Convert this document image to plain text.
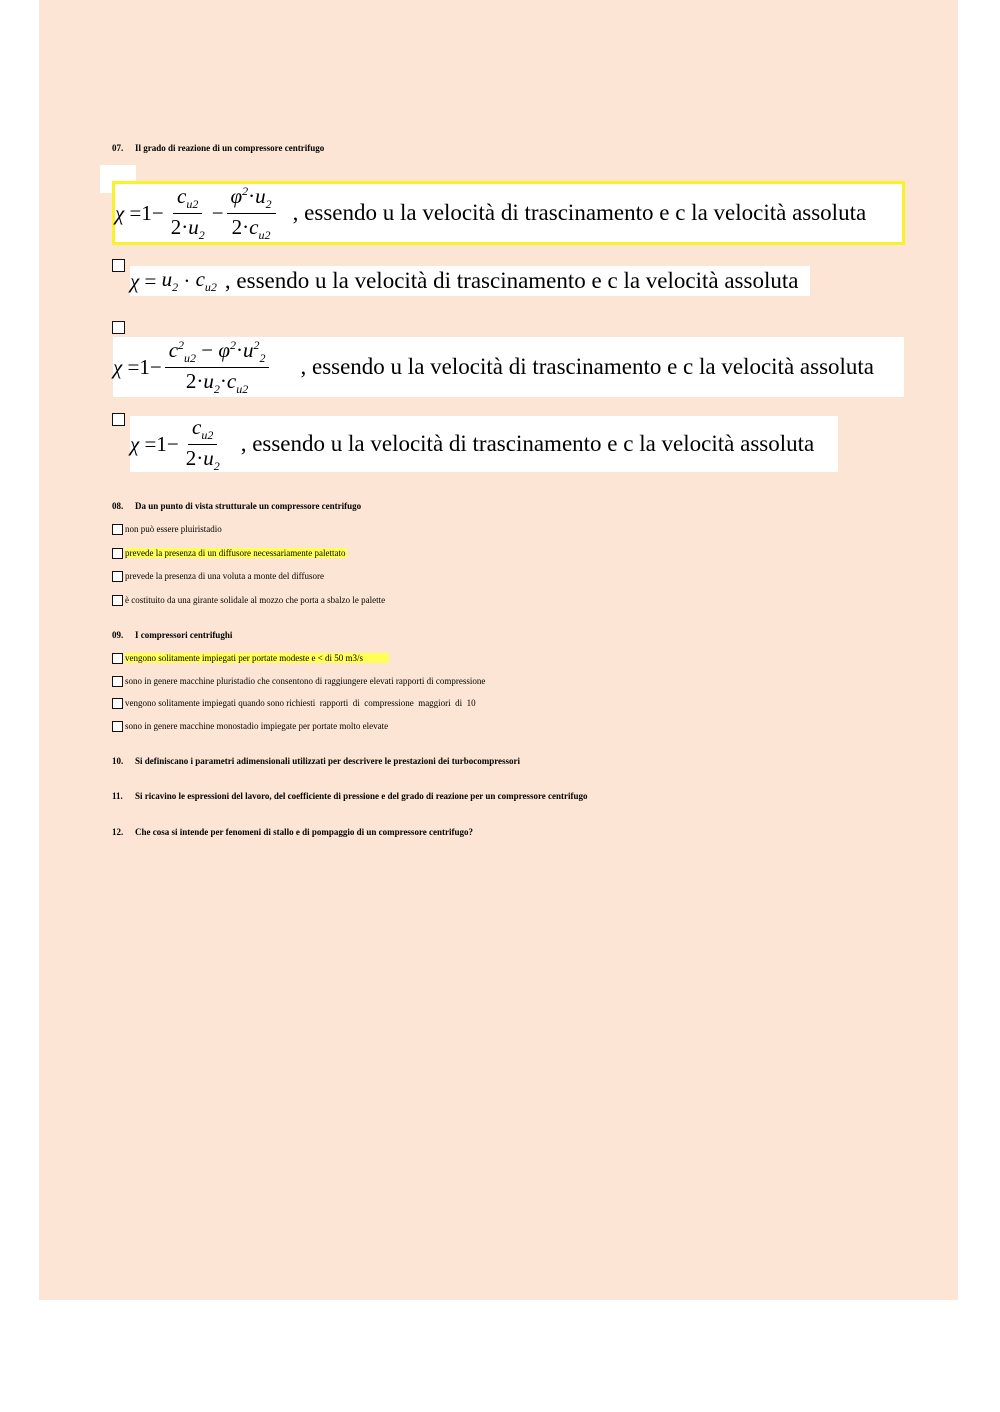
07. Il grado di reazione di un compressore centrifugo
$\chi =1- \frac{c_{u2}}{2\cdot u_2} - \frac{\varphi^2\cdot u_2}{2\cdot c_{u2}}$ , essendo u la velocità di trascinamento e c la velocità assoluta
$\chi = u_2 \cdot c_{u2}$ , essendo u la velocità di trascinamento e c la velocità assoluta
$\chi =1- \frac{c^2_{u2} - \varphi^2\cdot u^2_2}{2\cdot u_2\cdot c_{u2}}$ , essendo u la velocità di trascinamento e c la velocità assoluta
$\chi =1- \frac{c_{u2}}{2\cdot u_2}$ , essendo u la velocità di trascinamento e c la velocità assoluta
08. Da un punto di vista strutturale un compressore centrifugo
non può essere pluiristadio
prevede la presenza di un diffusore necessariamente palettato
prevede la presenza di una voluta a monte del diffusore
è costituito da una girante solidale al mozzo che porta a sbalzo le palette
09. I compressori centrifughi
vengono solitamente impiegati per portate modeste e < di 50 m3/s
sono in genere macchine pluristadio che consentono di raggiungere elevati rapporti di compressione
vengono solitamente impiegati quando sono richiesti  rapporti  di  compressione  maggiori  di  10
sono in genere macchine monostadio impiegate per portate molto elevate
10. Si definiscano i parametri adimensionali utilizzati per descrivere le prestazioni dei turbocompressori
11. Si ricavino le espressioni del lavoro, del coefficiente di pressione e del grado di reazione per un compressore centrifugo
12. Che cosa si intende per fenomeni di stallo e di pompaggio di un compressore centrifugo?
